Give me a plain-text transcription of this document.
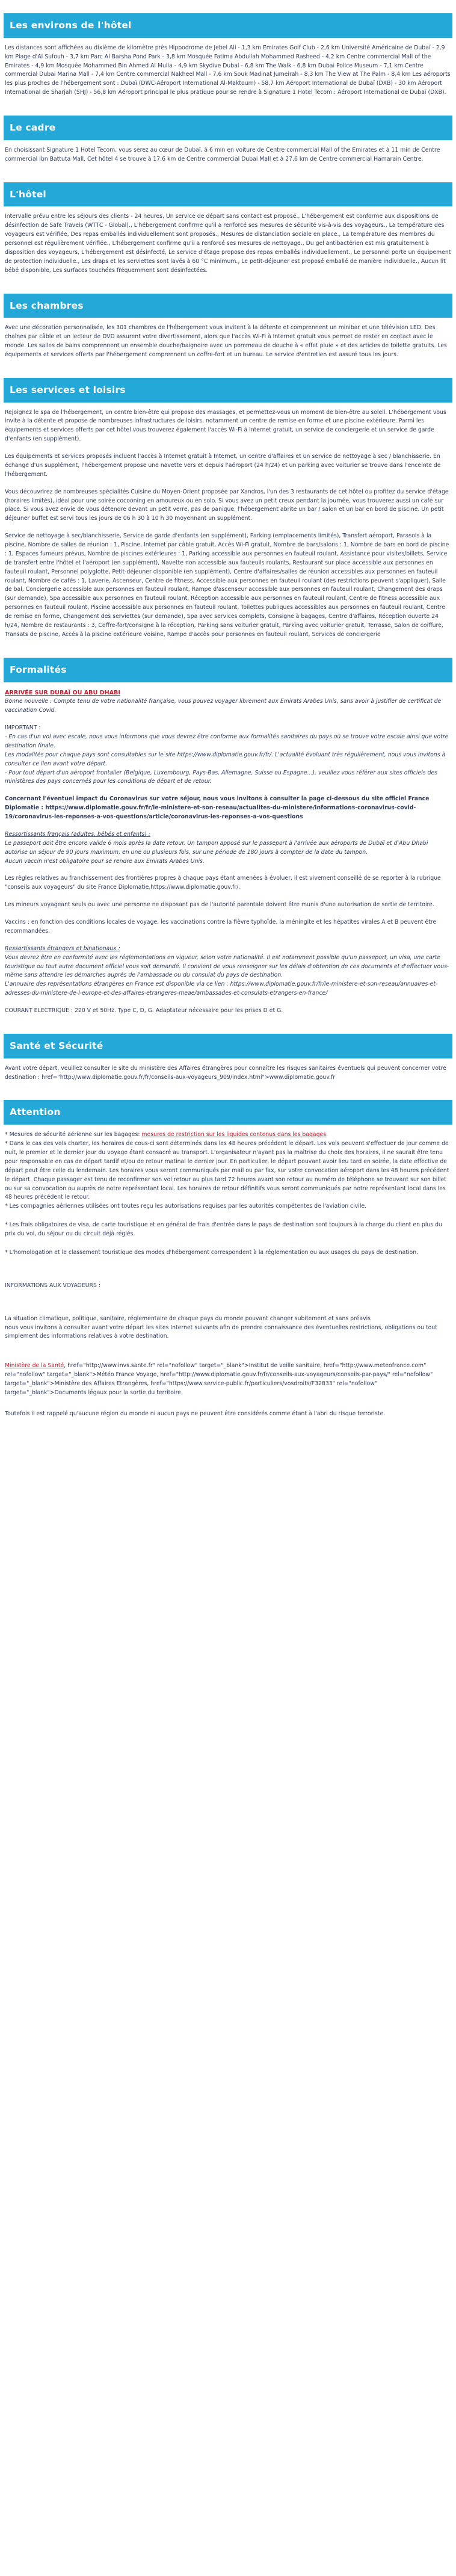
Les environs de l'hôtel

Les distances sont affichées au dixième de kilomètre près Hippodrome de Jebel Ali - 1,3 km Emirates Golf Club - 2,6 km Université Américaine de Dubaï - 2,9 km Plage d'Al Sufouh - 3,7 km Parc Al Barsha Pond Park - 3,8 km Mosquée Fatima Abdullah Mohammed Rasheed - 4,2 km Centre commercial Mall of the Emirates - 4,9 km Mosquée Mohammed Bin Ahmed Al Mulla - 4,9 km Skydive Dubai - 6,8 km The Walk - 6,8 km Dubai Police Museum - 7,1 km Centre commercial Dubai Marina Mall - 7,4 km Centre commercial Nakheel Mall - 7,6 km Souk Madinat Jumeirah - 8,3 km The View at The Palm - 8,4 km Les aéroports les plus proches de l'hébergement sont : Dubaï (DWC-Aéroport International Al-Maktoum) - 58,7 km Aéroport International de Dubaï (DXB) - 30 km Aéroport International de Sharjah (SHJ) - 56,8 km Aéroport principal le plus pratique pour se rendre à Signature 1 Hotel Tecom : Aéroport International de Dubaï (DXB).

Le cadre

En choisissant Signature 1 Hotel Tecom, vous serez au cœur de Dubaï, à 6 min en voiture de Centre commercial Mall of the Emirates et à 11 min de Centre commercial Ibn Battuta Mall. Cet hôtel 4 se trouve à 17,6 km de Centre commercial Dubai Mall et à 27,6 km de Centre commercial Hamarain Centre.

L'hôtel

Intervalle prévu entre les séjours des clients - 24 heures, Un service de départ sans contact est proposé., L'hébergement est conforme aux dispositions de désinfection de Safe Travels (WTTC - Global)., L'hébergement confirme qu'il a renforcé ses mesures de sécurité vis-à-vis des voyageurs., La température des voyageurs est vérifiée, Des repas emballés individuellement sont proposés., Mesures de distanciation sociale en place., La température des membres du personnel est régulièrement vérifiée., L'hébergement confirme qu'il a renforcé ses mesures de nettoyage., Du gel antibactérien est mis gratuitement à disposition des voyageurs, L'hébergement est désinfecté, Le service d'étage propose des repas emballés individuellement., Le personnel porte un équipement de protection individuelle., Les draps et les serviettes sont lavés à 60 °C minimum., Le petit-déjeuner est proposé emballé de manière individuelle., Aucun lit bébé disponible, Les surfaces touchées fréquemment sont désinfectées.

Les chambres

Avec une décoration personnalisée, les 301 chambres de l'hébergement vous invitent à la détente et comprennent un minibar et une télévision LED. Des chaînes par câble et un lecteur de DVD assurent votre divertissement, alors que l'accès Wi-Fi à Internet gratuit vous permet de rester en contact avec le monde. Les salles de bains comprennent un ensemble douche/baignoire avec un pommeau de douche à « effet pluie » et des articles de toilette gratuits. Les équipements et services offerts par l'hébergement comprennent un coffre-fort et un bureau. Le service d'entretien est assuré tous les jours.

Les services et loisirs

Rejoignez le spa de l'hébergement, un centre bien-être qui propose des massages, et permettez-vous un moment de bien-être au soleil. L'hébergement vous invite à la détente et propose de nombreuses infrastructures de loisirs, notamment un centre de remise en forme et une piscine extérieure. Parmi les équipements et services offerts par cet hôtel vous trouverez également l'accès Wi-Fi à Internet gratuit, un service de conciergerie et un service de garde d'enfants (en supplément).

Les équipements et services proposés incluent l'accès à Internet gratuit à Internet, un centre d'affaires et un service de nettoyage à sec / blanchisserie. En échange d'un supplément, l'hébergement propose une navette vers et depuis l'aéroport (24 h/24) et un parking avec voiturier se trouve dans l'enceinte de l'hébergement.

Vous découvrirez de nombreuses spécialités Cuisine du Moyen-Orient proposée par Xandros, l'un des 3 restaurants de cet hôtel ou profitez du service d'étage (horaires limités), idéal pour une soirée cocooning en amoureux ou en solo. Si vous avez un petit creux pendant la journée, vous trouverez aussi un café sur place. Si vous avez envie de vous détendre devant un petit verre, pas de panique, l'hébergement abrite un bar / salon et un bar en bord de piscine. Un petit déjeuner buffet est servi tous les jours de 06 h 30 à 10 h 30 moyennant un supplément.

Service de nettoyage à sec/blanchisserie, Service de garde d'enfants (en supplément), Parking (emplacements limités), Transfert aéroport, Parasols à la piscine, Nombre de salles de réunion : 1, Piscine, Internet par câble gratuit, Accès Wi-Fi gratuit, Nombre de bars/salons : 1, Nombre de bars en bord de piscine : 1, Espaces fumeurs prévus, Nombre de piscines extérieures : 1, Parking accessible aux personnes en fauteuil roulant, Assistance pour visites/billets, Service de transfert entre l'hôtel et l'aéroport (en supplément), Navette non accessible aux fauteuils roulants, Restaurant sur place accessible aux personnes en fauteuil roulant, Personnel polyglotte, Petit-déjeuner disponible (en supplément), Centre d'affaires/salles de réunion accessibles aux personnes en fauteuil roulant, Nombre de cafés : 1, Laverie, Ascenseur, Centre de fitness, Accessible aux personnes en fauteuil roulant (des restrictions peuvent s'appliquer), Salle de bal, Conciergerie accessible aux personnes en fauteuil roulant, Rampe d'ascenseur accessible aux personnes en fauteuil roulant, Changement des draps (sur demande), Spa accessible aux personnes en fauteuil roulant, Réception accessible aux personnes en fauteuil roulant, Centre de fitness accessible aux personnes en fauteuil roulant, Piscine accessible aux personnes en fauteuil roulant, Toilettes publiques accessibles aux personnes en fauteuil roulant, Centre de remise en forme, Changement des serviettes (sur demande), Spa avec services complets, Consigne à bagages, Centre d'affaires, Réception ouverte 24 h/24, Nombre de restaurants : 3, Coffre-fort/consigne à la réception, Parking sans voiturier gratuit, Parking avec voiturier gratuit, Terrasse, Salon de coiffure, Transats de piscine, Accès à la piscine extérieure voisine, Rampe d'accès pour personnes en fauteuil roulant, Services de conciergerie

Formalités

ARRIVÉE SUR DUBAÏ OU ABU DHABI
Bonne nouvelle : Compte tenu de votre nationalité française, vous pouvez voyager librement aux Emirats Arabes Unis, sans avoir à justifier de certificat de vaccination Covid.

IMPORTANT :
- En cas d'un vol avec escale, nous vous informons que vous devrez être conforme aux formalités sanitaires du pays où se trouve votre escale ainsi que votre destination finale.
Les modalités pour chaque pays sont consultables sur le site https://www.diplomatie.gouv.fr/fr/. L'actualité évoluant très régulièrement, nous vous invitons à consulter ce lien avant votre départ.
- Pour tout départ d'un aéroport frontalier (Belgique, Luxembourg, Pays-Bas, Allemagne, Suisse ou Espagne...), veuillez vous référer aux sites officiels des ministères des pays concernés pour les conditions de départ et de retour.

Concernant l'éventuel impact du Coronavirus sur votre séjour, nous vous invitons à consulter la page ci-dessous du site officiel France Diplomatie : https://www.diplomatie.gouv.fr/fr/le-ministere-et-son-reseau/actualites-du-ministere/informations-coronavirus-covid-19/coronavirus-les-reponses-a-vos-questions/article/coronavirus-les-reponses-a-vos-questions

Ressortissants français (adultes, bébés et enfants) :
Le passeport doit être encore valide 6 mois après la date retour. Un tampon apposé sur le passeport à l'arrivée aux aéroports de Dubaï et d'Abu Dhabi autorise un séjour de 90 jours maximum, en une ou plusieurs fois, sur une période de 180 jours à compter de la date du tampon.
Aucun vaccin n'est obligatoire pour se rendre aux Emirats Arabes Unis.

Les règles relatives au franchissement des frontières propres à chaque pays étant amenées à évoluer, il est vivement conseillé de se reporter à la rubrique "conseils aux voyageurs" du site France Diplomatie,https://www.diplomatie.gouv.fr/.

Les mineurs voyageant seuls ou avec une personne ne disposant pas de l'autorité parentale doivent être munis d'une autorisation de sortie de territoire.

Vaccins : en fonction des conditions locales de voyage, les vaccinations contre la fièvre typhoïde, la méningite et les hépatites virales A et B peuvent être recommandées.

Ressortissants étrangers et binationaux :
Vous devrez être en conformité avec les réglementations en vigueur, selon votre nationalité. Il est notamment possible qu'un passeport, un visa, une carte touristique ou tout autre document officiel vous soit demandé. Il convient de vous renseigner sur les délais d'obtention de ces documents et d'effectuer vous-même sans attendre les démarches auprès de l'ambassade ou du consulat du pays de destination.
L'annuaire des représentations étrangères en France est disponible via ce lien : https://www.diplomatie.gouv.fr/fr/le-ministere-et-son-reseau/annuaires-et-adresses-du-ministere-de-l-europe-et-des-affaires-etrangeres-meae/ambassades-et-consulats-etrangers-en-france/

COURANT ELECTRIQUE : 220 V et 50Hz. Type C, D, G. Adaptateur nécessaire pour les prises D et G.

Santé et Sécurité

Avant votre départ, veuillez consulter le site du ministère des Affaires étrangères pour connaître les risques sanitaires éventuels qui peuvent concerner votre destination : href="http://www.diplomatie.gouv.fr/fr/conseils-aux-voyageurs_909/index.html">www.diplomatie.gouv.fr

Attention

* Mesures de sécurité aérienne sur les bagages: mesures de restriction sur les liquides contenus dans les bagages.
* Dans le cas des vols charter, les horaires de cous-ci sont déterminés dans les 48 heures précédent le départ. Les vols peuvent s'effectuer de jour comme de nuit, le premier et le dernier jour du voyage étant consacré au transport. L'organisateur n'ayant pas la maîtrise du choix des horaires, il ne saurait être tenu pour responsable en cas de départ tardif et/ou de retour matinal le dernier jour. En particulier, le départ pouvant avoir lieu tard en soirée, la date effective de départ peut être celle du lendemain. Les horaires vous seront communiqués par mail ou par fax, sur votre convocation aéroport dans les 48 heures précédent le départ. Chaque passager est tenu de reconfirmer son vol retour au plus tard 72 heures avant son retour au numéro de téléphone se trouvant sur son billet ou sur sa convocation ou auprès de notre représentant local. Les horaires de retour définitifs vous seront communiqués par notre représentant local dans les 48 heures précédent le retour.
* Les compagnies aériennes utilisées ont toutes reçu les autorisations requises par les autorités compétentes de l'aviation civile.

* Les frais obligatoires de visa, de carte touristique et en général de frais d'entrée dans le pays de destination sont toujours à la charge du client en plus du prix du vol, du séjour ou du circuit déjà réglés.

* L'homologation et le classement touristique des modes d'hébergement correspondent à la réglementation ou aux usages du pays de destination.

INFORMATIONS AUX VOYAGEURS :

La situation climatique, politique, sanitaire, réglementaire de chaque pays du monde pouvant changer subitement et sans préavis
nous vous invitons à consulter avant votre départ les sites Internet suivants afin de prendre connaissance des éventuelles restrictions, obligations ou tout simplement des informations relatives à votre destination.

Ministère de la Santé, href="http://www.invs.sante.fr" rel="nofollow" target="_blank">Institut de veille sanitaire, href="http://www.meteofrance.com" rel="nofollow" target="_blank">Météo France Voyage, href="http://www.diplomatie.gouv.fr/fr/conseils-aux-voyageurs/conseils-par-pays/" rel="nofollow" target="_blank">Ministère des Affaires Etrangères, href="https://www.service-public.fr/particuliers/vosdroits/F32833" rel="nofollow" target="_blank">Documents légaux pour la sortie du territoire.

Toutefois il est rappelé qu'aucune région du monde ni aucun pays ne peuvent être considérés comme étant à l'abri du risque terroriste.
